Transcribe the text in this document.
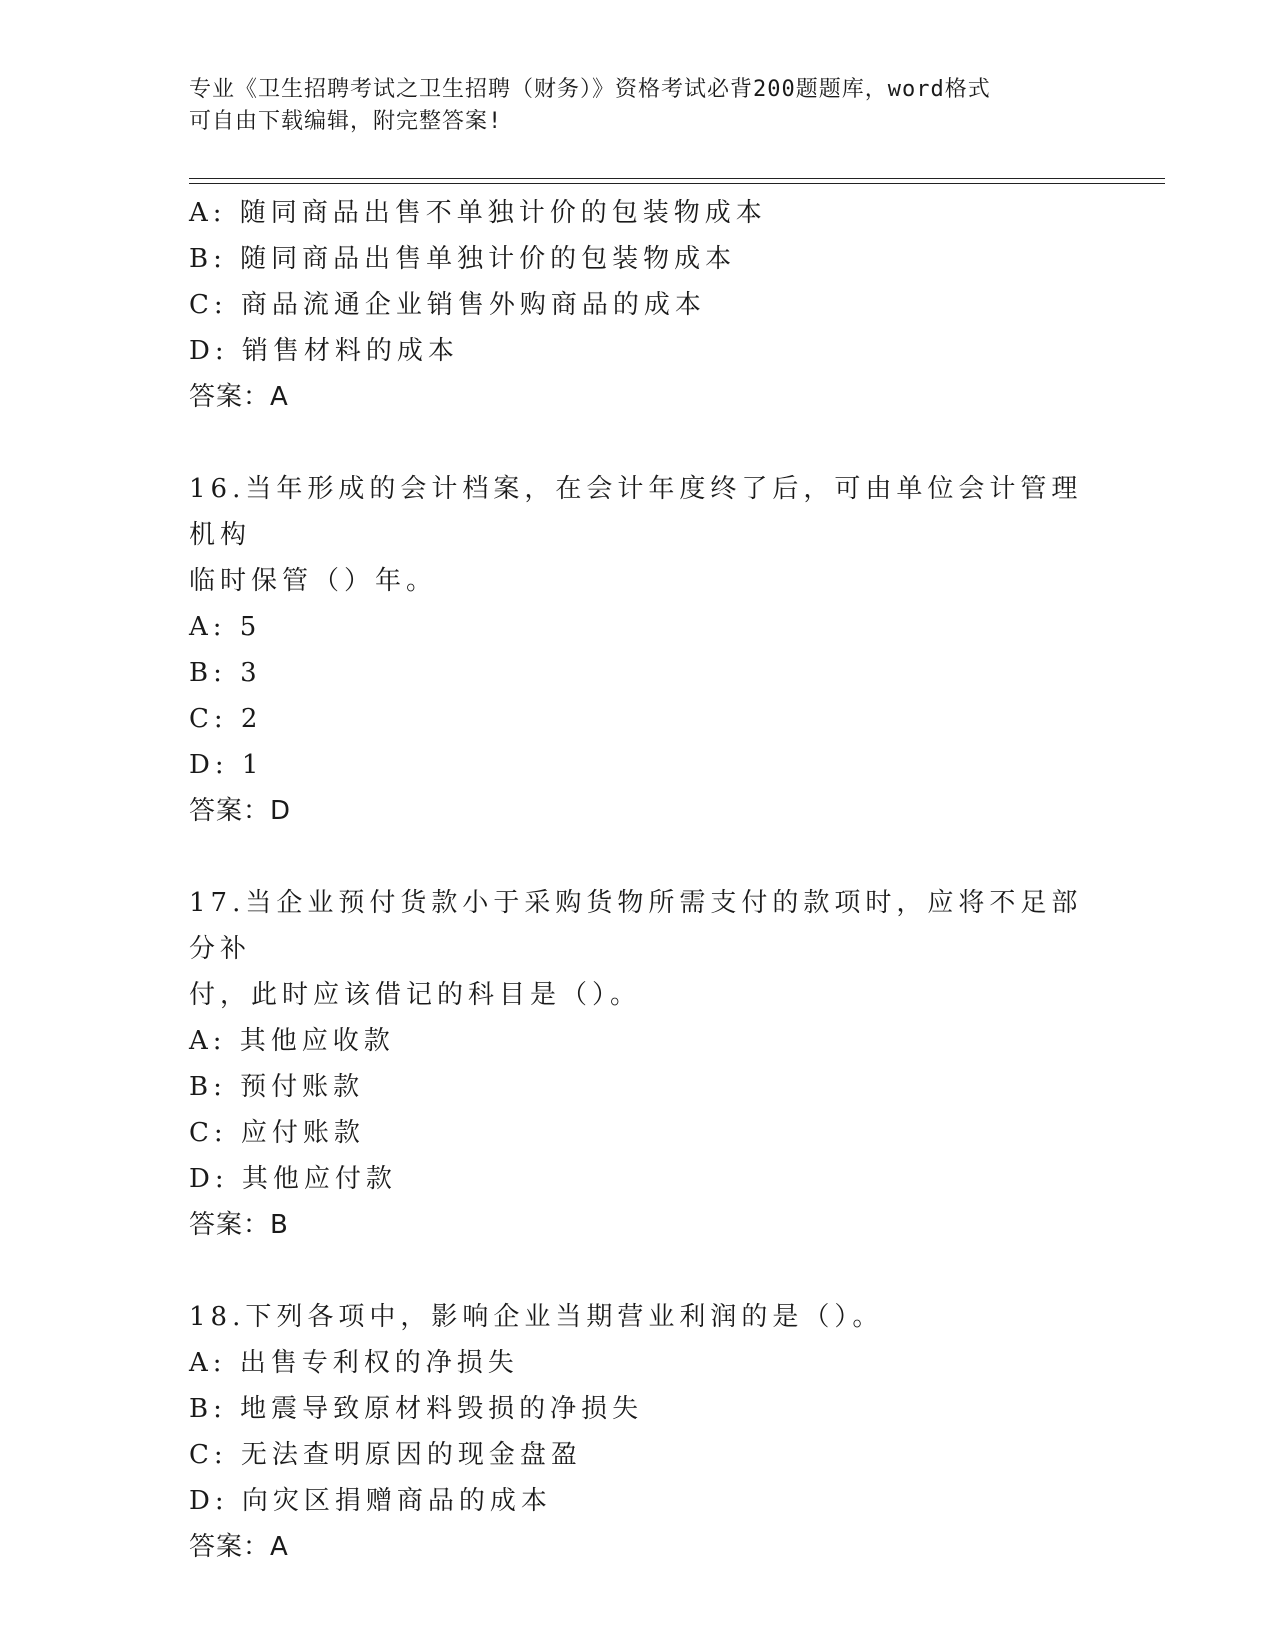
专业《卫生招聘考试之卫生招聘（财务）》资格考试必背200题题库，word格式
可自由下载编辑，附完整答案!
A: 随同商品出售不单独计价的包装物成本
B: 随同商品出售单独计价的包装物成本
C: 商品流通企业销售外购商品的成本
D: 销售材料的成本
答案：A
16.当年形成的会计档案，在会计年度终了后，可由单位会计管理机构
临时保管（）年。
A: 5
B: 3
C: 2
D: 1
答案：D
17.当企业预付货款小于采购货物所需支付的款项时，应将不足部分补
付，此时应该借记的科目是（）。
A: 其他应收款
B: 预付账款
C: 应付账款
D: 其他应付款
答案：B
18.下列各项中，影响企业当期营业利润的是（）。
A: 出售专利权的净损失
B: 地震导致原材料毁损的净损失
C: 无法查明原因的现金盘盈
D: 向灾区捐赠商品的成本
答案：A
